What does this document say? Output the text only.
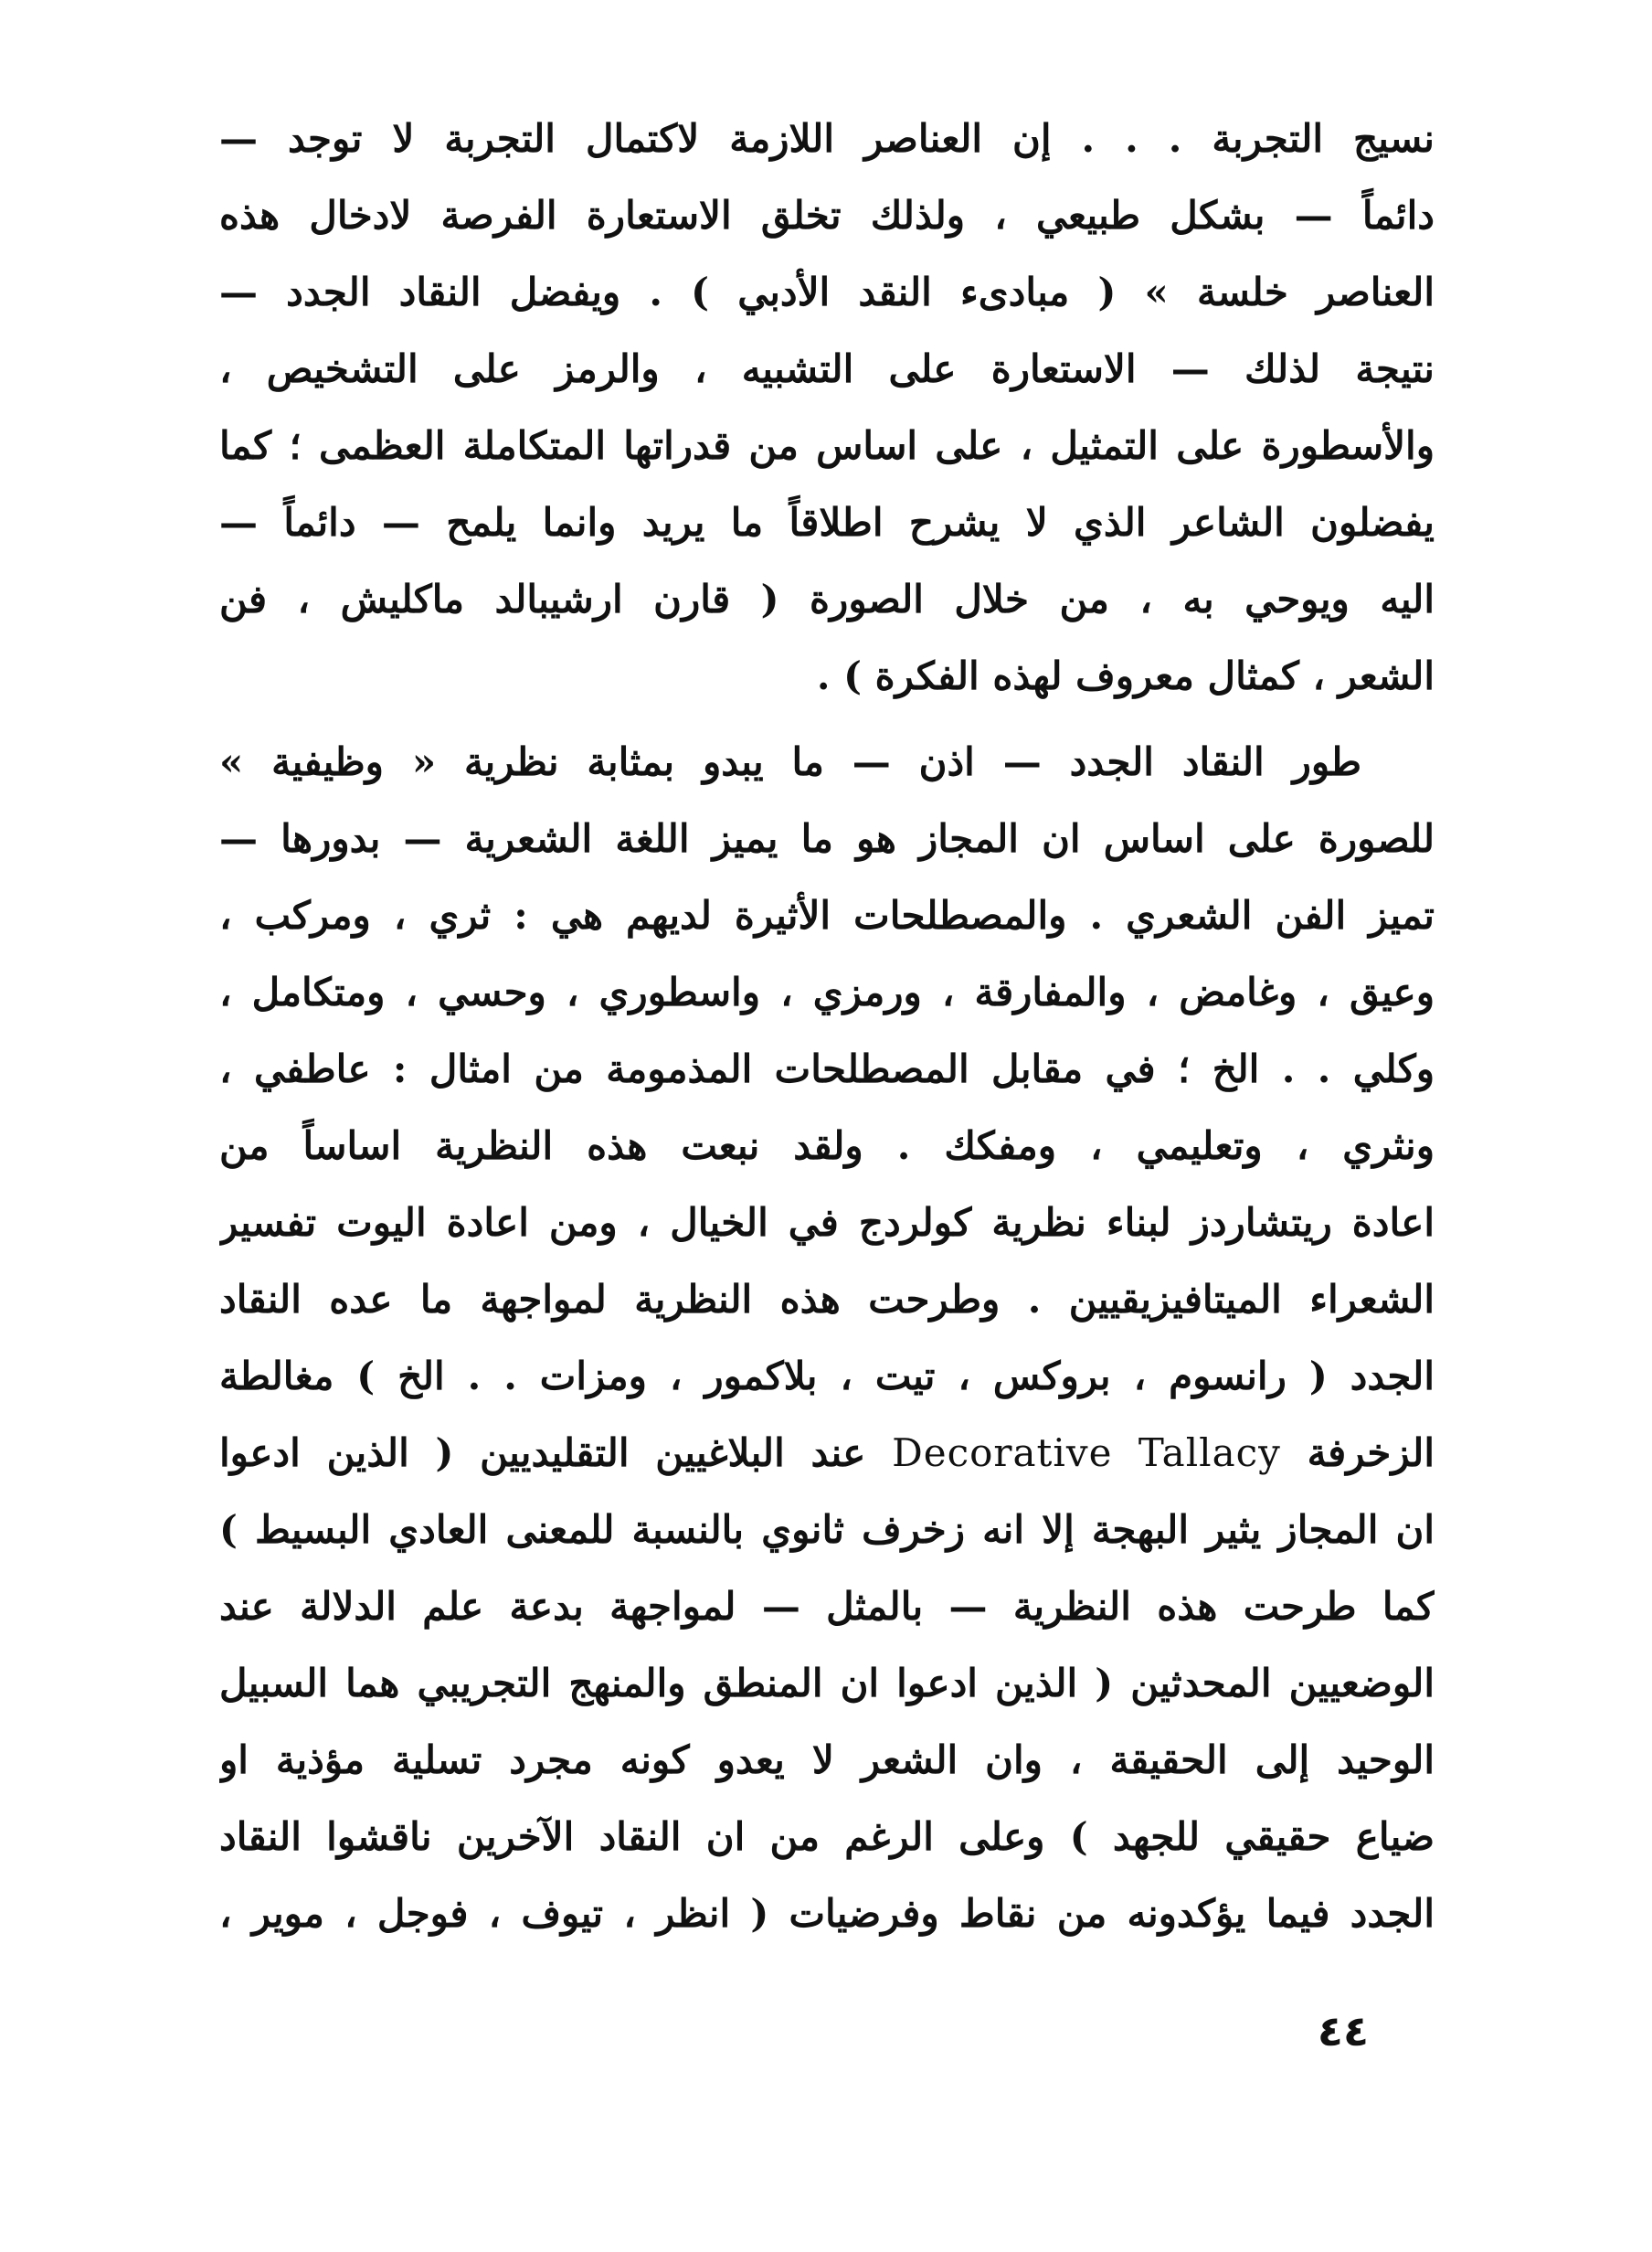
نسيج التجربة . . . إن العناصر اللازمة لاكتمال التجربة لا توجد —
دائماً — بشكل طبيعي ، ولذلك تخلق الاستعارة الفرصة لادخال هذه
العناصر خلسة » ( مبادىء النقد الأدبي ) . ويفضل النقاد الجدد —
نتيجة لذلك — الاستعارة على التشبيه ، والرمز على التشخيص ،
والأسطورة على التمثيل ، على اساس من قدراتها المتكاملة العظمى ؛ كما
يفضلون الشاعر الذي لا يشرح اطلاقاً ما يريد وانما يلمح — دائماً —
اليه ويوحي به ، من خلال الصورة ( قارن ارشيبالد ماكليش ، فن
الشعر ، كمثال معروف لهذه الفكرة ) .
طور النقاد الجدد — اذن — ما يبدو بمثابة نظرية « وظيفية »
للصورة على اساس ان المجاز هو ما يميز اللغة الشعرية — بدورها —
تميز الفن الشعري . والمصطلحات الأثيرة لديهم هي : ثري ، ومركب ،
وعيق ، وغامض ، والمفارقة ، ورمزي ، واسطوري ، وحسي ، ومتكامل ،
وكلي . . الخ ؛ في مقابل المصطلحات المذمومة من امثال : عاطفي ،
ونثري ، وتعليمي ، ومفكك . ولقد نبعت هذه النظرية اساساً من
اعادة ريتشاردز لبناء نظرية كولردج في الخيال ، ومن اعادة اليوت تفسير
الشعراء الميتافيزيقيين . وطرحت هذه النظرية لمواجهة ما عده النقاد
الجدد ( رانسوم ، بروكس ، تيت ، بلاكمور ، ومزات . . الخ ) مغالطة
الزخرفة Decorative Tallacy عند البلاغيين التقليديين ( الذين ادعوا
ان المجاز يثير البهجة إلا انه زخرف ثانوي بالنسبة للمعنى العادي البسيط )
كما طرحت هذه النظرية — بالمثل — لمواجهة بدعة علم الدلالة عند
الوضعيين المحدثين ( الذين ادعوا ان المنطق والمنهج التجريبي هما السبيل
الوحيد إلى الحقيقة ، وان الشعر لا يعدو كونه مجرد تسلية مؤذية او
ضياع حقيقي للجهد ) وعلى الرغم من ان النقاد الآخرين ناقشوا النقاد
الجدد فيما يؤكدونه من نقاط وفرضيات ( انظر ، تيوف ، فوجل ، موير ،
٤٤
